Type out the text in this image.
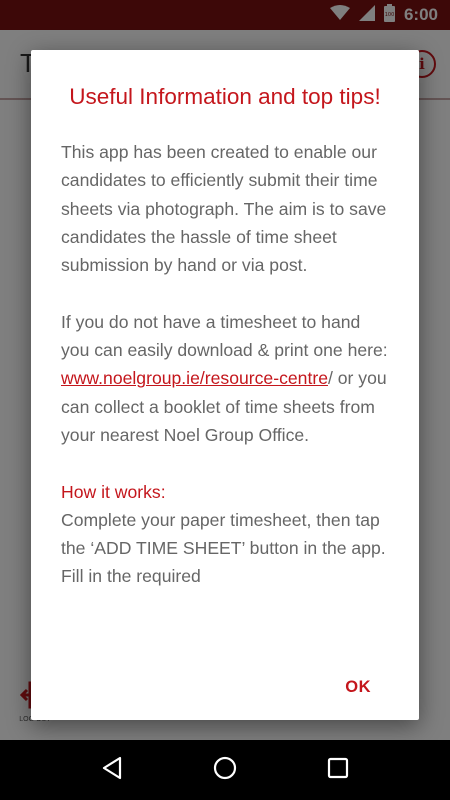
Useful Information and top tips!

This app has been created to enable our candidates to efficiently submit their time sheets via photograph. The aim is to save candidates the hassle of time sheet submission by hand or via post.

If you do not have a timesheet to hand you can easily download & print one here: www.noelgroup.ie/​resource-centre/ or you can collect a booklet of time sheets from your nearest Noel Group Office.

How it works:

Complete your paper timesheet, then tap the ‘ADD TIME SHEET’ button in the app. Fill in the required

OK
